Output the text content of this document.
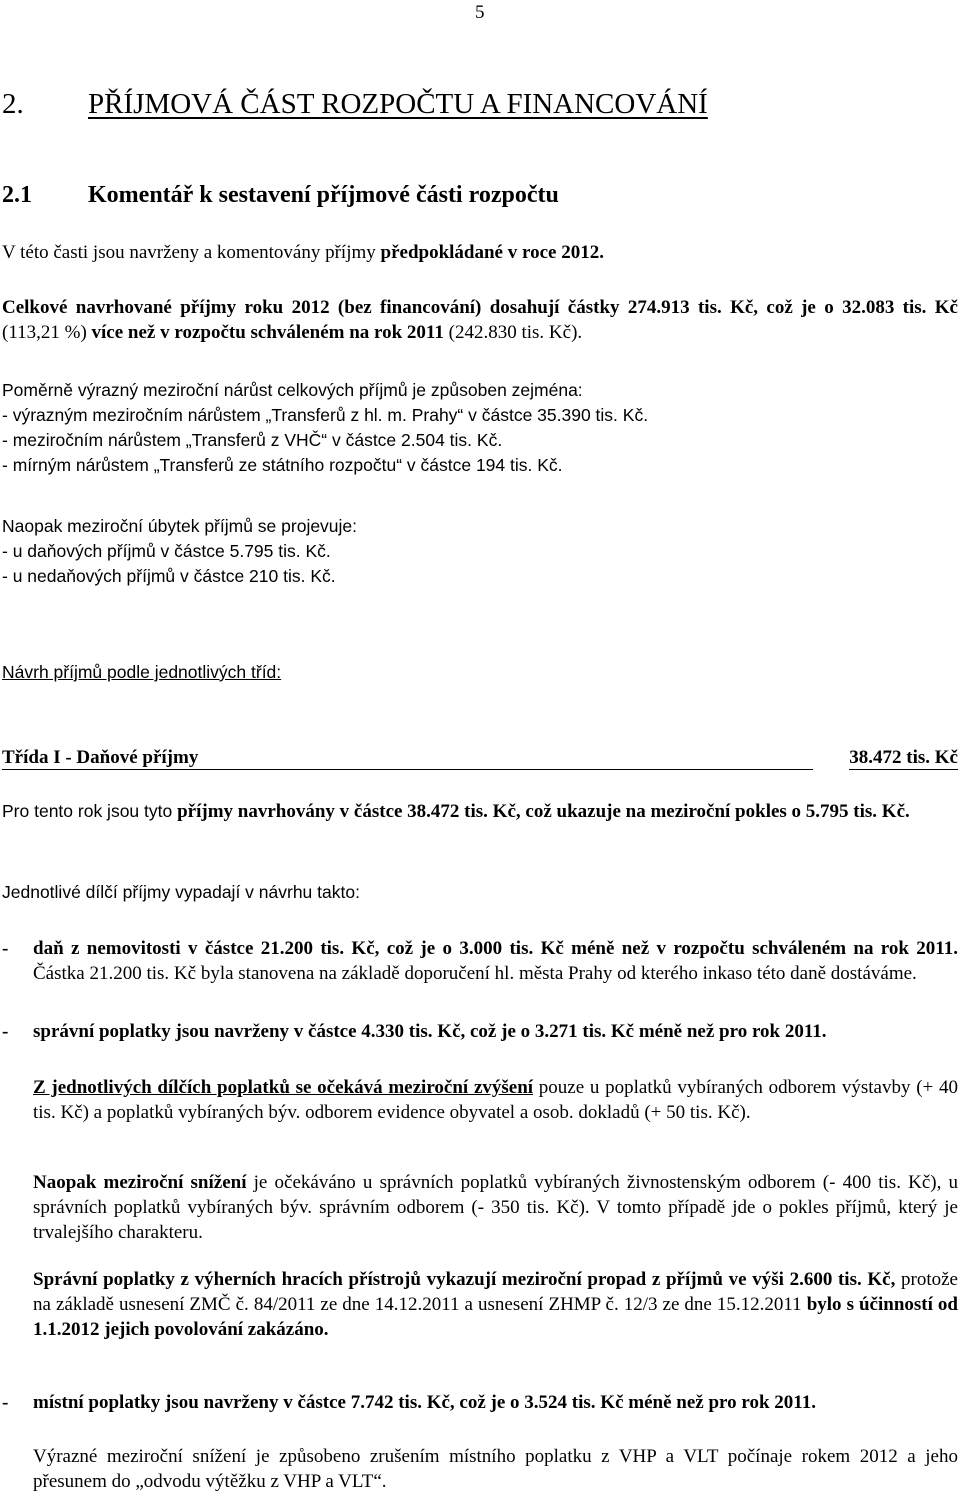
5
2. PŘÍJMOVÁ ČÁST ROZPOČTU A FINANCOVÁNÍ
2.1 Komentář k sestavení příjmové části rozpočtu
V této časti jsou navrženy a komentovány příjmy předpokládané v roce 2012.
Celkové navrhované příjmy roku 2012 (bez financování) dosahují částky 274.913 tis. Kč, což je o 32.083 tis. Kč (113,21 %) více než v rozpočtu schváleném na rok 2011 (242.830 tis. Kč).
Poměrně výrazný meziroční nárůst celkových příjmů je způsoben zejména:
- výrazným meziročním nárůstem „Transferů z hl. m. Prahy“ v částce 35.390 tis. Kč.
- meziročním nárůstem „Transferů z VHČ“ v částce 2.504 tis. Kč.
- mírným nárůstem „Transferů ze státního rozpočtu“ v částce 194 tis. Kč.
Naopak meziroční úbytek příjmů se projevuje:
- u daňových příjmů v částce 5.795 tis. Kč.
- u nedaňových příjmů v částce 210 tis. Kč.
Návrh příjmů podle jednotlivých tříd:
Třída I - Daňové příjmy	38.472 tis. Kč
Pro tento rok jsou tyto příjmy navrhovány v částce 38.472 tis. Kč, což ukazuje na meziroční pokles o 5.795 tis. Kč.
Jednotlivé dílčí příjmy vypadají v návrhu takto:
- daň z nemovitosti v částce 21.200 tis. Kč, což je o 3.000 tis. Kč méně než v rozpočtu schváleném na rok 2011. Částka 21.200 tis. Kč byla stanovena na základě doporučení hl. města Prahy od kterého inkaso této daně dostáváme.
- správní poplatky jsou navrženy v částce 4.330 tis. Kč, což je o 3.271 tis. Kč méně než pro rok 2011.
Z jednotlivých dílčích poplatků se očekává meziroční zvýšení pouze u poplatků vybíraných odborem výstavby (+ 40 tis. Kč) a poplatků vybíraných býv. odborem evidence obyvatel a osob. dokladů (+ 50 tis. Kč).
Naopak meziroční snížení je očekáváno u správních poplatků vybíraných živnostenským odborem (- 400 tis. Kč), u správních poplatků vybíraných býv. správním odborem (- 350 tis. Kč). V tomto případě jde o pokles příjmů, který je trvalejšího charakteru.
Správní poplatky z výherních hracích přístrojů vykazují meziroční propad z příjmů ve výši 2.600 tis. Kč, protože na základě usnesení ZMČ č. 84/2011 ze dne 14.12.2011 a usnesení ZHMP č. 12/3 ze dne 15.12.2011 bylo s účinností od 1.1.2012 jejich povolování zakázáno.
- místní poplatky jsou navrženy v částce 7.742 tis. Kč, což je o 3.524 tis. Kč méně než pro rok 2011.
Výrazné meziroční snížení je způsobeno zrušením místního poplatku z VHP a VLT počínaje rokem 2012 a jeho přesunem do „odvodu výtěžku z VHP a VLT“.
